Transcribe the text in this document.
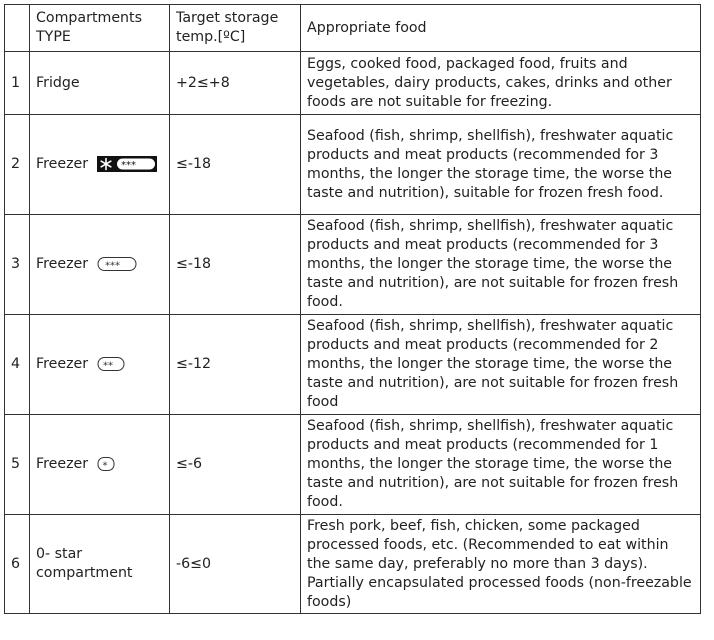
	Compartments TYPE	Target storage temp.[ºC]	Appropriate food
1	Fridge	+2≤+8	Eggs, cooked food, packaged food, fruits and vegetables, dairy products, cakes, drinks and other foods are not suitable for freezing.
2	Freezer ***	≤-18	Seafood (fish, shrimp, shellfish), freshwater aquatic products and meat products (recommended for 3 months, the longer the storage time, the worse the taste and nutrition), suitable for frozen fresh food.
3	Freezer ***	≤-18	Seafood (fish, shrimp, shellfish), freshwater aquatic products and meat products (recommended for 3 months, the longer the storage time, the worse the taste and nutrition), are not suitable for frozen fresh food.
4	Freezer **	≤-12	Seafood (fish, shrimp, shellfish), freshwater aquatic products and meat products (recommended for 2 months, the longer the storage time, the worse the taste and nutrition), are not suitable for frozen fresh food
5	Freezer *	≤-6	Seafood (fish, shrimp, shellfish), freshwater aquatic products and meat products (recommended for 1 months, the longer the storage time, the worse the taste and nutrition), are not suitable for frozen fresh food.
6	0- star compartment	-6≤0	Fresh pork, beef, fish, chicken, some packaged processed foods, etc. (Recommended to eat within the same day, preferably no more than 3 days). Partially encapsulated processed foods (non-freezable foods)
